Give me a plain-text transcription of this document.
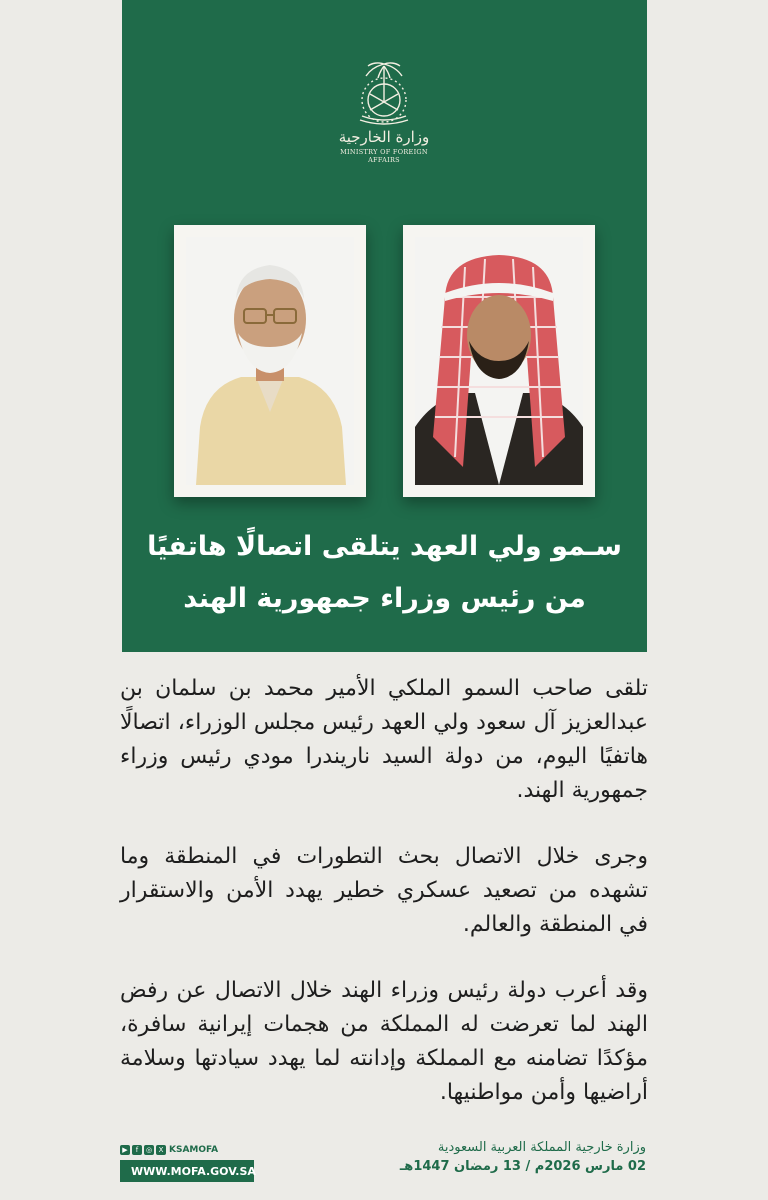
وزارة الخارجية
MINISTRY OF FOREIGN AFFAIRS
سـمو ولي العهد يتلقى اتصالًا هاتفيًا
من رئيس وزراء جمهورية الهند

تلقى صاحب السمو الملكي الأمير محمد بن سلمان بن عبدالعزيز آل سعود ولي العهد رئيس مجلس الوزراء، اتصالًا هاتفيًا اليوم، من دولة السيد ناريندرا مودي رئيس وزراء جمهورية الهند.

وجرى خلال الاتصال بحث التطورات في المنطقة وما تشهده من تصعيد عسكري خطير يهدد الأمن والاستقرار في المنطقة والعالم.

وقد أعرب دولة رئيس وزراء الهند خلال الاتصال عن رفض الهند لما تعرضت له المملكة من هجمات إيرانية سافرة، مؤكدًا تضامنه مع المملكة وإدانته لما يهدد سيادتها وسلامة أراضيها وأمن مواطنيها.

▶	f	◎ X KSAMOFA
WWW.MOFA.GOV.SA
وزارة خارجية المملكة العربية السعودية
02 مارس 2026م / 13 رمضان 1447هـ
